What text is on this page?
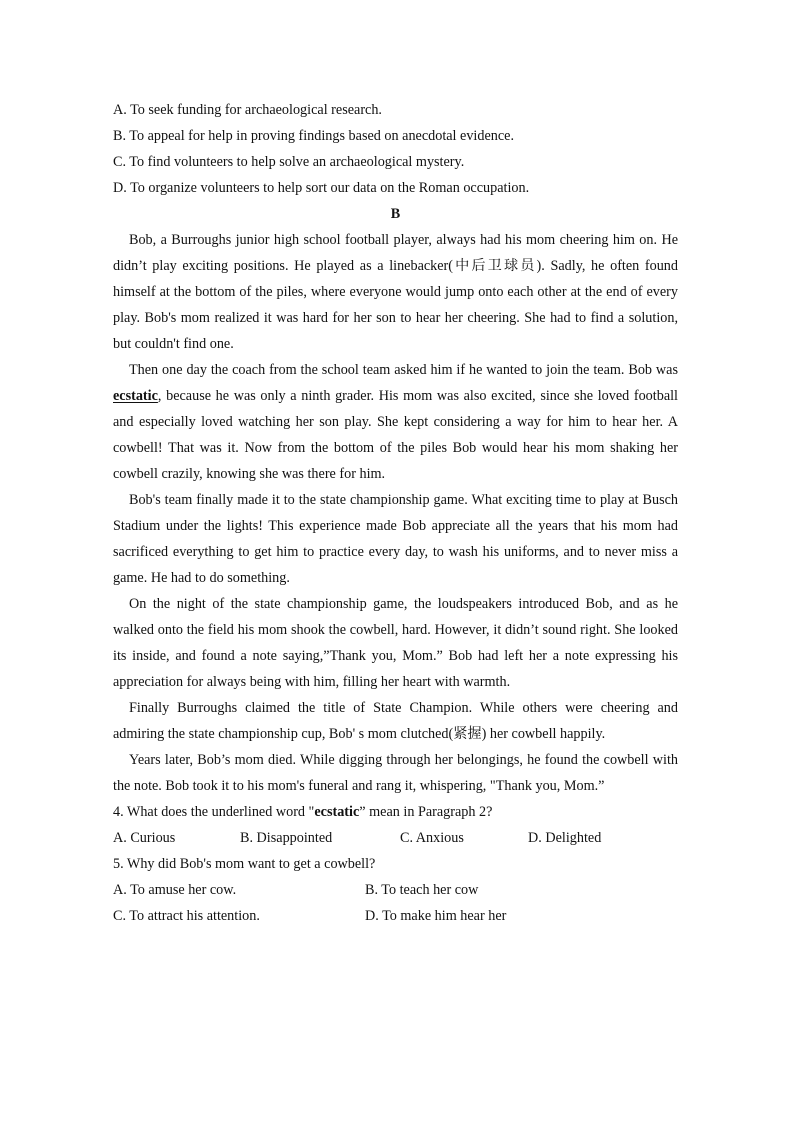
A. To seek funding for archaeological research.
B. To appeal for help in proving findings based on anecdotal evidence.
C. To find volunteers to help solve an archaeological mystery.
D. To organize volunteers to help sort our data on the Roman occupation.
B

Bob, a Burroughs junior high school football player, always had his mom cheering him on. He didn’t play exciting positions. He played as a linebacker(中后卫球员). Sadly, he often found himself at the bottom of the piles, where everyone would jump onto each other at the end of every play. Bob's mom realized it was hard for her son to hear her cheering. She had to find a solution, but couldn't find one.

Then one day the coach from the school team asked him if he wanted to join the team. Bob was ecstatic, because he was only a ninth grader. His mom was also excited, since she loved football and especially loved watching her son play. She kept considering a way for him to hear her. A cowbell! That was it. Now from the bottom of the piles Bob would hear his mom shaking her cowbell crazily, knowing she was there for him.

Bob's team finally made it to the state championship game. What exciting time to play at Busch Stadium under the lights! This experience made Bob appreciate all the years that his mom had sacrificed everything to get him to practice every day, to wash his uniforms, and to never miss a game. He had to do something.

On the night of the state championship game, the loudspeakers introduced Bob, and as he walked onto the field his mom shook the cowbell, hard. However, it didn’t sound right. She looked its inside, and found a note saying,”Thank you, Mom.” Bob had left her a note expressing his appreciation for always being with him, filling her heart with warmth.

Finally Burroughs claimed the title of State Champion. While others were cheering and admiring the state championship cup, Bob' s mom clutched(紧握) her cowbell happily.

Years later, Bob’s mom died. While digging through her belongings, he found the cowbell with the note. Bob took it to his mom's funeral and rang it, whispering, "Thank you, Mom.”

4. What does the underlined word "ecstatic” mean in Paragraph 2?
A. Curious	B. Disappointed	C. Anxious	D. Delighted
5. Why did Bob's mom want to get a cowbell?
A. To amuse her cow.	B. To teach her cow
C. To attract his attention.	D. To make him hear her
